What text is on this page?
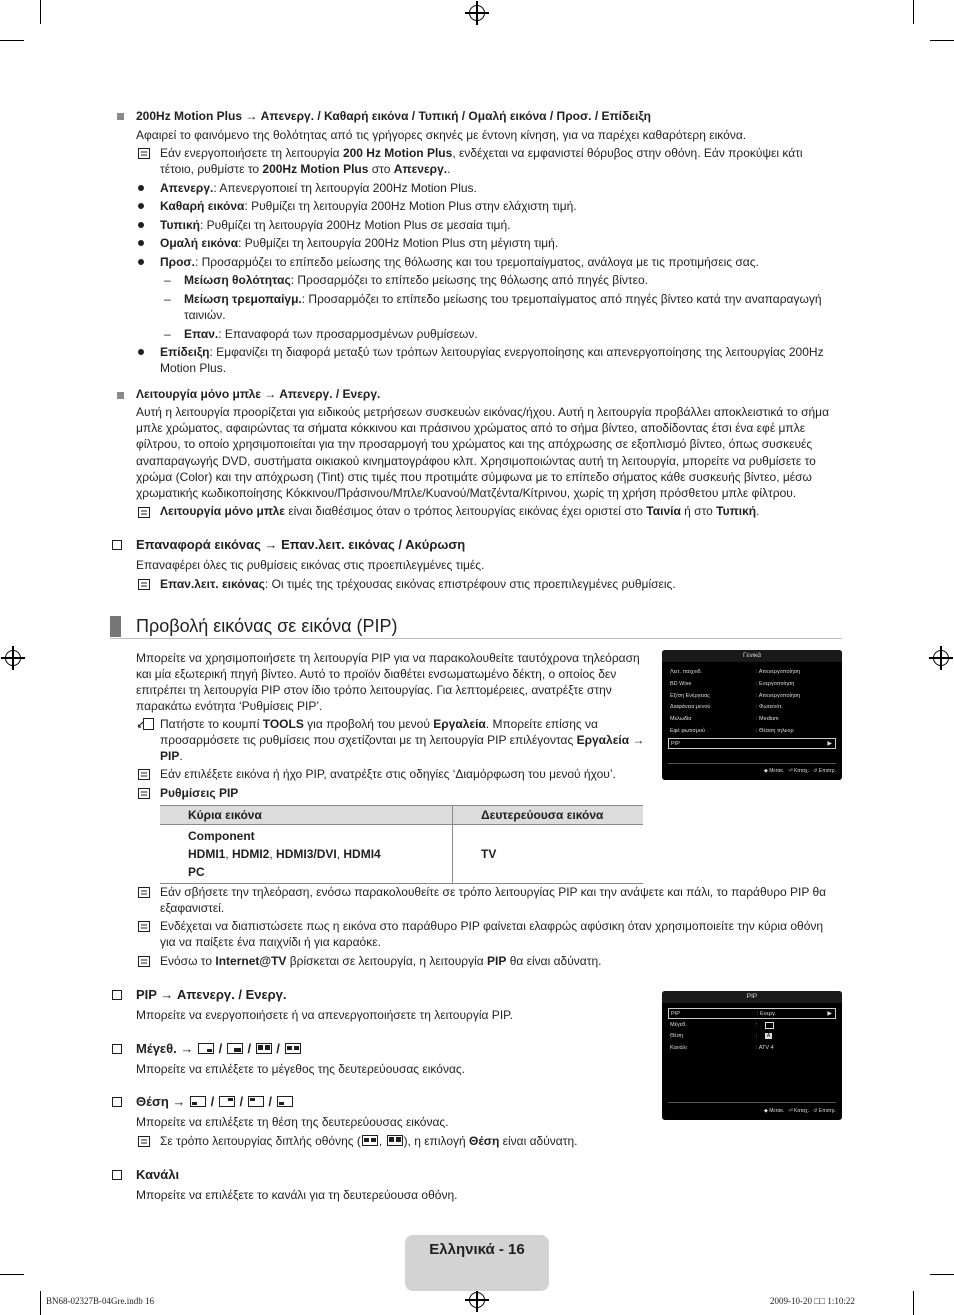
200Hz Motion Plus → Απενεργ. / Καθαρή εικόνα / Τυπική / Ομαλή εικόνα / Προσ. / Επίδειξη
Αφαιρεί το φαινόμενο της θολότητας από τις γρήγορες σκηνές με έντονη κίνηση, για να παρέχει καθαρότερη εικόνα.
Εάν ενεργοποιήσετε τη λειτουργία 200 Hz Motion Plus, ενδέχεται να εμφανιστεί θόρυβος στην οθόνη. Εάν προκύψει κάτι
τέτοιο, ρυθμίστε το 200Hz Motion Plus στο Απενεργ..
Απενεργ.: Απενεργοποιεί τη λειτουργία 200Hz Motion Plus.
Καθαρή εικόνα: Ρυθμίζει τη λειτουργία 200Hz Motion Plus στην ελάχιστη τιμή.
Τυπική: Ρυθμίζει τη λειτουργία 200Hz Motion Plus σε μεσαία τιμή.
Ομαλή εικόνα: Ρυθμίζει τη λειτουργία 200Hz Motion Plus στη μέγιστη τιμή.
Προσ.: Προσαρμόζει το επίπεδο μείωσης της θόλωσης και του τρεμοπαίγματος, ανάλογα με τις προτιμήσεις σας.
– Μείωση θολότητας: Προσαρμόζει το επίπεδο μείωσης της θόλωσης από πηγές βίντεο.
– Μείωση τρεμοπαίγμ.: Προσαρμόζει το επίπεδο μείωσης του τρεμοπαίγματος από πηγές βίντεο κατά την αναπαραγωγή
ταινιών.
– Επαν.: Επαναφορά των προσαρμοσμένων ρυθμίσεων.
Επίδειξη: Εμφανίζει τη διαφορά μεταξύ των τρόπων λειτουργίας ενεργοποίησης και απενεργοποίησης της λειτουργίας 200Hz
Motion Plus.
Λειτουργία μόνο μπλε → Απενεργ. / Ενεργ.
Αυτή η λειτουργία προορίζεται για ειδικούς μετρήσεων συσκευών εικόνας/ήχου. Αυτή η λειτουργία προβάλλει αποκλειστικά το σήμα
μπλε χρώματος, αφαιρώντας τα σήματα κόκκινου και πράσινου χρώματος από το σήμα βίντεο, αποδίδοντας έτσι ένα εφέ μπλε
φίλτρου, το οποίο χρησιμοποιείται για την προσαρμογή του χρώματος και της απόχρωσης σε εξοπλισμό βίντεο, όπως συσκευές
αναπαραγωγής DVD, συστήματα οικιακού κινηματογράφου κλπ. Χρησιμοποιώντας αυτή τη λειτουργία, μπορείτε να ρυθμίσετε το
χρώμα (Color) και την απόχρωση (Tint) στις τιμές που προτιμάτε σύμφωνα με το επίπεδο σήματος κάθε συσκευής βίντεο, μέσω
χρωματικής κωδικοποίησης Κόκκινου/Πράσινου/Μπλε/Κυανού/Ματζέντα/Κίτρινου, χωρίς τη χρήση πρόσθετου μπλε φίλτρου.
Λειτουργία μόνο μπλε είναι διαθέσιμος όταν ο τρόπος λειτουργίας εικόνας έχει οριστεί στο Ταινία ή στο Τυπική.
Επαναφορά εικόνας → Επαν.λειτ. εικόνας / Ακύρωση
Επαναφέρει όλες τις ρυθμίσεις εικόνας στις προεπιλεγμένες τιμές.
Επαν.λειτ. εικόνας: Οι τιμές της τρέχουσας εικόνας επιστρέφουν στις προεπιλεγμένες ρυθμίσεις.
Προβολή εικόνας σε εικόνα (PIP)
Μπορείτε να χρησιμοποιήσετε τη λειτουργία PIP για να παρακολουθείτε ταυτόχρονα τηλεόραση
και μία εξωτερική πηγή βίντεο. Αυτό το προϊόν διαθέτει ενσωματωμένο δέκτη, ο οποίος δεν
επιτρέπει τη λειτουργία PIP στον ίδιο τρόπο λειτουργίας. Για λεπτομέρειες, ανατρέξτε στην
παρακάτω ενότητα ‘Ρυθμίσεις PIP’.
Πατήστε το κουμπί TOOLS για προβολή του μενού Εργαλεία. Μπορείτε επίσης να
προσαρμόσετε τις ρυθμίσεις που σχετίζονται με τη λειτουργία PIP επιλέγοντας Εργαλεία →
PIP.
Εάν επιλέξετε εικόνα ή ήχο PIP, ανατρέξτε στις οδηγίες ‘Διαμόρφωση του μενού ήχου’.
Ρυθμίσεις PIP
Κύρια εικόνα	Δευτερεύουσα εικόνα

Component
HDMI1, HDMI2, HDMI3/DVI, HDMI4
PC	TV
Εάν σβήσετε την τηλεόραση, ενόσω παρακολουθείτε σε τρόπο λειτουργίας PIP και την ανάψετε και πάλι, το παράθυρο PIP θα
εξαφανιστεί.
Ενδέχεται να διαπιστώσετε πως η εικόνα στο παράθυρο PIP φαίνεται ελαφρώς αφύσικη όταν χρησιμοποιείτε την κύρια οθόνη
για να παίξετε ένα παιχνίδι ή για καραόκε.
Ενόσω το Internet@TV βρίσκεται σε λειτουργία, η λειτουργία PIP θα είναι αδύνατη.
Γενικά
Λειτ. παιχνιδ.	: Απενεργοποίηση
BD Wise	: Ενεργοποίηση
Εξ/ση Ενέργειας	: Απενεργοποίηση
Διαφάνεια μενού	: Φωτεινότ.
Μελωδία	: Medium
Εφέ φωτισμού	: Θέαση τηλεορ
PIP	▶
◆ Μετακ. ⏎ Καταχ. ↺ Επιστρ.
PIP → Απενεργ. / Ενεργ.
Μπορείτε να ενεργοποιήσετε ή να απενεργοποιήσετε τη λειτουργία PIP.
Μέγεθ. →
/
/
/
Μπορείτε να επιλέξετε το μέγεθος της δευτερεύουσας εικόνας.
Θέση →
/
/
/
Μπορείτε να επιλέξετε τη θέση της δευτερεύουσας εικόνας.
Σε τρόπο λειτουργίας διπλής οθόνης ( ,
), η επιλογή Θέση είναι αδύνατη.
Κανάλι
Μπορείτε να επιλέξετε το κανάλι για τη δευτερεύουσα οθόνη.
PIP
PIP	: Ενεργ.	▶
Μέγεθ.	:
Θέση	:	A
Κανάλι	: ATV 4
◆ Μετακ. ⏎ Καταχ. ↺ Επιστρ.
Ελληνικά - 16
BN68-02327B-04Gre.indb 16	2009-10-20 □□ 1:10:22
